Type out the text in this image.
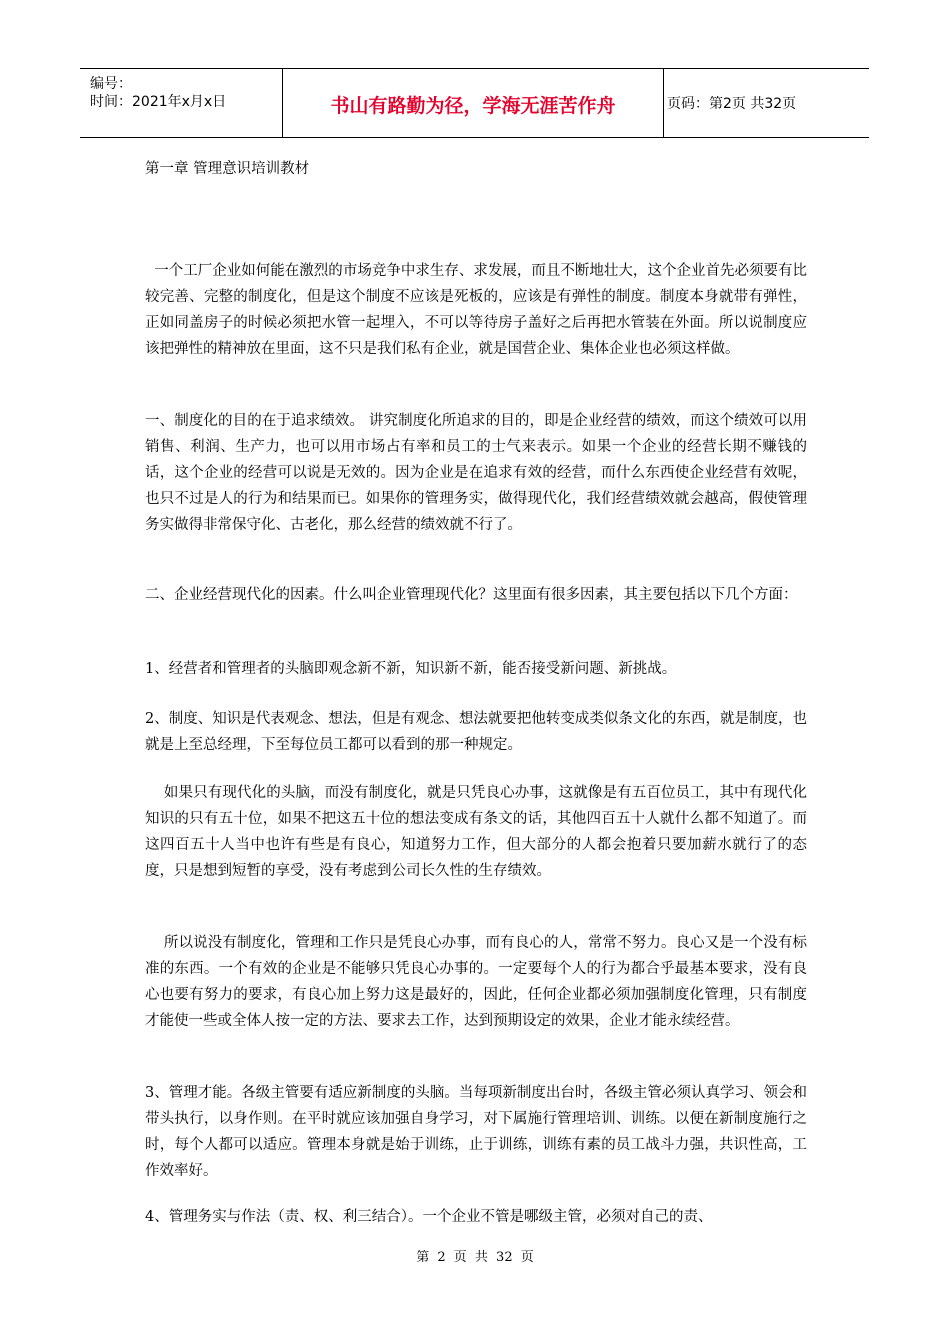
编号：
时间：2021年x月x日	书山有路勤为径，学海无涯苦作舟	页码：第2页 共32页
第一章 管理意识培训教材

一个工厂企业如何能在激烈的市场竞争中求生存、求发展，而且不断地壮大，这个企业首先必须要有比较完善、完整的制度化，但是这个制度不应该是死板的，应该是有弹性的制度。制度本身就带有弹性，正如同盖房子的时候必须把水管一起埋入，不可以等待房子盖好之后再把水管装在外面。所以说制度应该把弹性的精神放在里面，这不只是我们私有企业，就是国营企业、集体企业也必须这样做。

一、制度化的目的在于追求绩效。 讲究制度化所追求的目的，即是企业经营的绩效，而这个绩效可以用销售、利润、生产力，也可以用市场占有率和员工的士气来表示。如果一个企业的经营长期不赚钱的话，这个企业的经营可以说是无效的。因为企业是在追求有效的经营，而什么东西使企业经营有效呢，也只不过是人的行为和结果而已。如果你的管理务实，做得现代化，我们经营绩效就会越高，假使管理务实做得非常保守化、古老化，那么经营的绩效就不行了。

二、企业经营现代化的因素。什么叫企业管理现代化？这里面有很多因素，其主要包括以下几个方面：

1、经营者和管理者的头脑即观念新不新，知识新不新，能否接受新问题、新挑战。

2、制度、知识是代表观念、想法，但是有观念、想法就要把他转变成类似条文化的东西，就是制度，也就是上至总经理，下至每位员工都可以看到的那一种规定。

如果只有现代化的头脑，而没有制度化，就是只凭良心办事，这就像是有五百位员工，其中有现代化知识的只有五十位，如果不把这五十位的想法变成有条文的话，其他四百五十人就什么都不知道了。而这四百五十人当中也许有些是有良心，知道努力工作，但大部分的人都会抱着只要加薪水就行了的态度，只是想到短暂的享受，没有考虑到公司长久性的生存绩效。

所以说没有制度化，管理和工作只是凭良心办事，而有良心的人，常常不努力。良心又是一个没有标准的东西。一个有效的企业是不能够只凭良心办事的。一定要每个人的行为都合乎最基本要求，没有良心也要有努力的要求，有良心加上努力这是最好的，因此，任何企业都必须加强制度化管理，只有制度才能使一些或全体人按一定的方法、要求去工作，达到预期设定的效果，企业才能永续经营。

3、管理才能。各级主管要有适应新制度的头脑。当每项新制度出台时，各级主管必须认真学习、领会和带头执行，以身作则。在平时就应该加强自身学习，对下属施行管理培训、训练。以便在新制度施行之时，每个人都可以适应。管理本身就是始于训练，止于训练，训练有素的员工战斗力强，共识性高，工作效率好。

4、管理务实与作法（责、权、利三结合）。一个企业不管是哪级主管，必须对自己的责、

第 2 页 共 32 页
